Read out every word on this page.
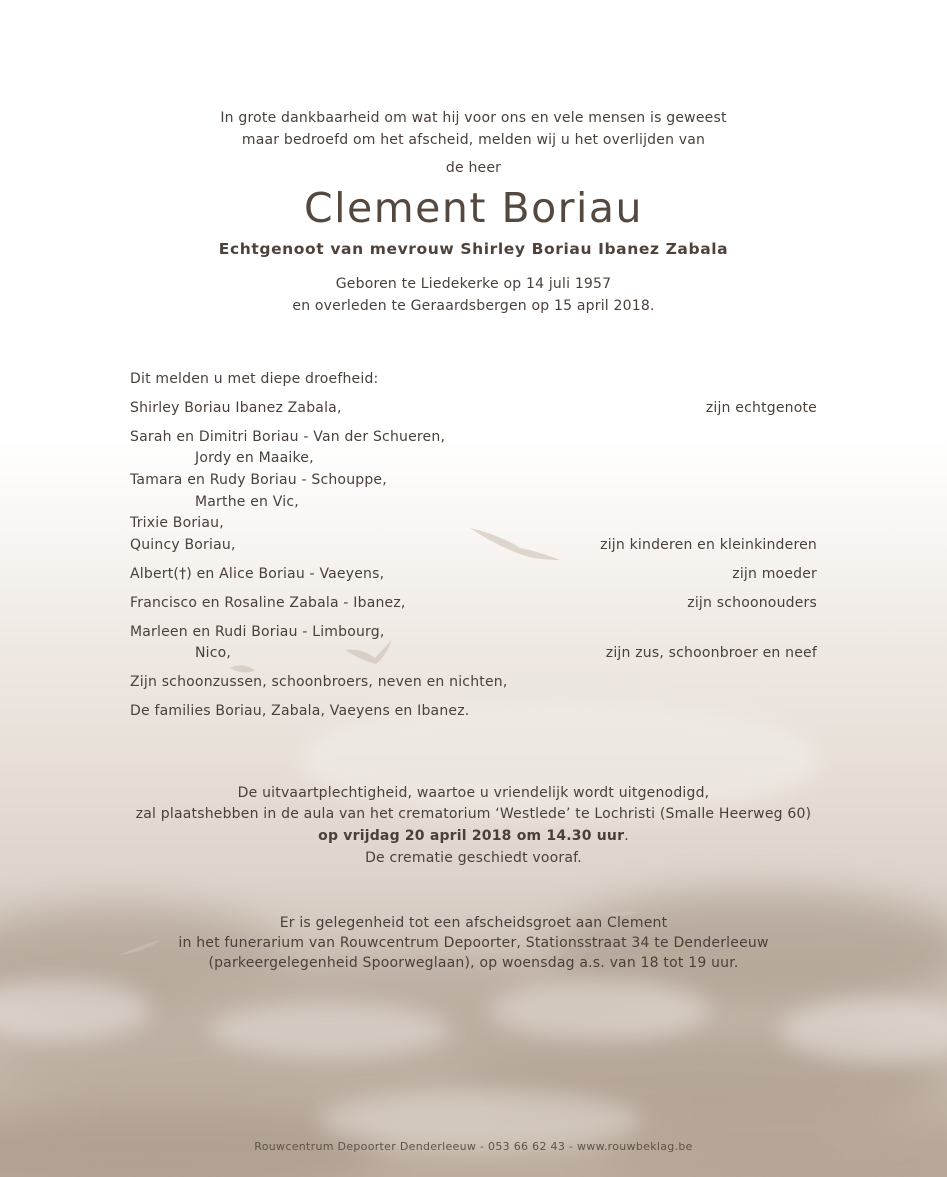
In grote dankbaarheid om wat hij voor ons en vele mensen is geweest
maar bedroefd om het afscheid, melden wij u het overlijden van
de heer
Clement Boriau
Echtgenoot van mevrouw Shirley Boriau Ibanez Zabala
Geboren te Liedekerke op 14 juli 1957
en overleden te Geraardsbergen op 15 april 2018.
Dit melden u met diepe droefheid:
Shirley Boriau Ibanez Zabala,	zijn echtgenote
Sarah en Dimitri Boriau - Van der Schueren,
Jordy en Maaike,
Tamara en Rudy Boriau - Schouppe,
Marthe en Vic,
Trixie Boriau,
Quincy Boriau,	zijn kinderen en kleinkinderen
Albert(†) en Alice Boriau - Vaeyens,	zijn moeder
Francisco en Rosaline Zabala - Ibanez,	zijn schoonouders
Marleen en Rudi Boriau - Limbourg,
Nico,	zijn zus, schoonbroer en neef
Zijn schoonzussen, schoonbroers, neven en nichten,
De families Boriau, Zabala, Vaeyens en Ibanez.
De uitvaartplechtigheid, waartoe u vriendelijk wordt uitgenodigd,
zal plaatshebben in de aula van het crematorium ‘Westlede’ te Lochristi (Smalle Heerweg 60)
op vrijdag 20 april 2018 om 14.30 uur.
De crematie geschiedt vooraf.
Er is gelegenheid tot een afscheidsgroet aan Clement
in het funerarium van Rouwcentrum Depoorter, Stationsstraat 34 te Denderleeuw
(parkeergelegenheid Spoorweglaan), op woensdag a.s. van 18 tot 19 uur.
Rouwcentrum Depoorter Denderleeuw - 053 66 62 43 - www.rouwbeklag.be
